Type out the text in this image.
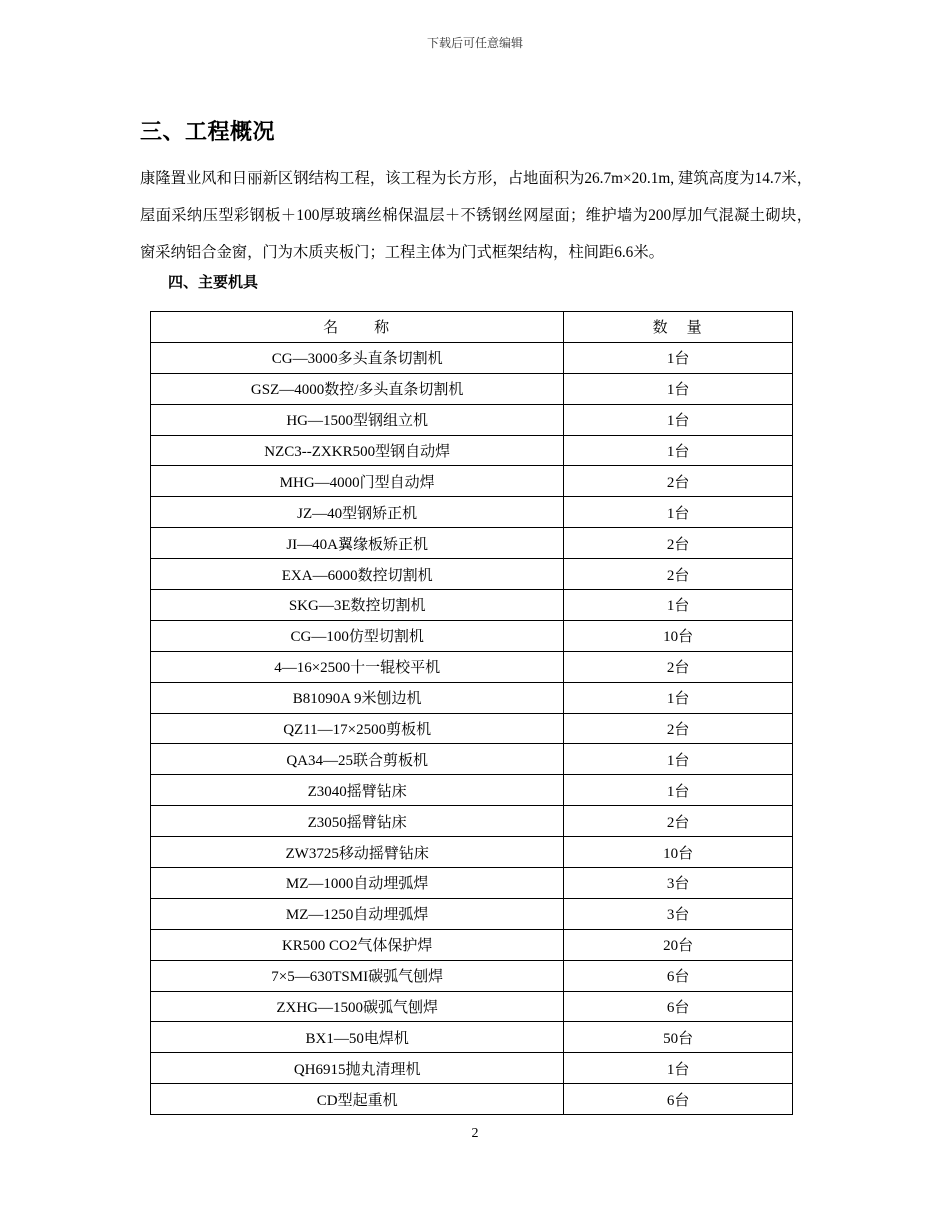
下载后可任意编辑
三、工程概况

康隆置业风和日丽新区钢结构工程，该工程为长方形，占地面积为26.7m×20.1m, 建筑高度为14.7米，屋面采纳压型彩钢板＋100厚玻璃丝棉保温层＋不锈钢丝网屋面；维护墙为200厚加气混凝土砌块，窗采纳铝合金窗，门为木质夹板门；工程主体为门式框架结构，柱间距6.6米。

四、主要机具
名　　称	数　量
CG—3000多头直条切割机	1台
GSZ—4000数控/多头直条切割机	1台
HG—1500型钢组立机	1台
NZC3--ZXKR500型钢自动焊	1台
MHG—4000门型自动焊	2台
JZ—40型钢矫正机	1台
JI—40A翼缘板矫正机	2台
EXA—6000数控切割机	2台
SKG—3E数控切割机	1台
CG—100仿型切割机	10台
4—16×2500十一辊校平机	2台
B81090A 9米刨边机	1台
QZ11—17×2500剪板机	2台
QA34—25联合剪板机	1台
Z3040摇臂钻床	1台
Z3050摇臂钻床	2台
ZW3725移动摇臂钻床	10台
MZ—1000自动埋弧焊	3台
MZ—1250自动埋弧焊	3台
KR500 CO2气体保护焊	20台
7×5—630TSMI碳弧气刨焊	6台
ZXHG—1500碳弧气刨焊	6台
BX1—50电焊机	50台
QH6915抛丸清理机	1台
CD型起重机	6台
2
